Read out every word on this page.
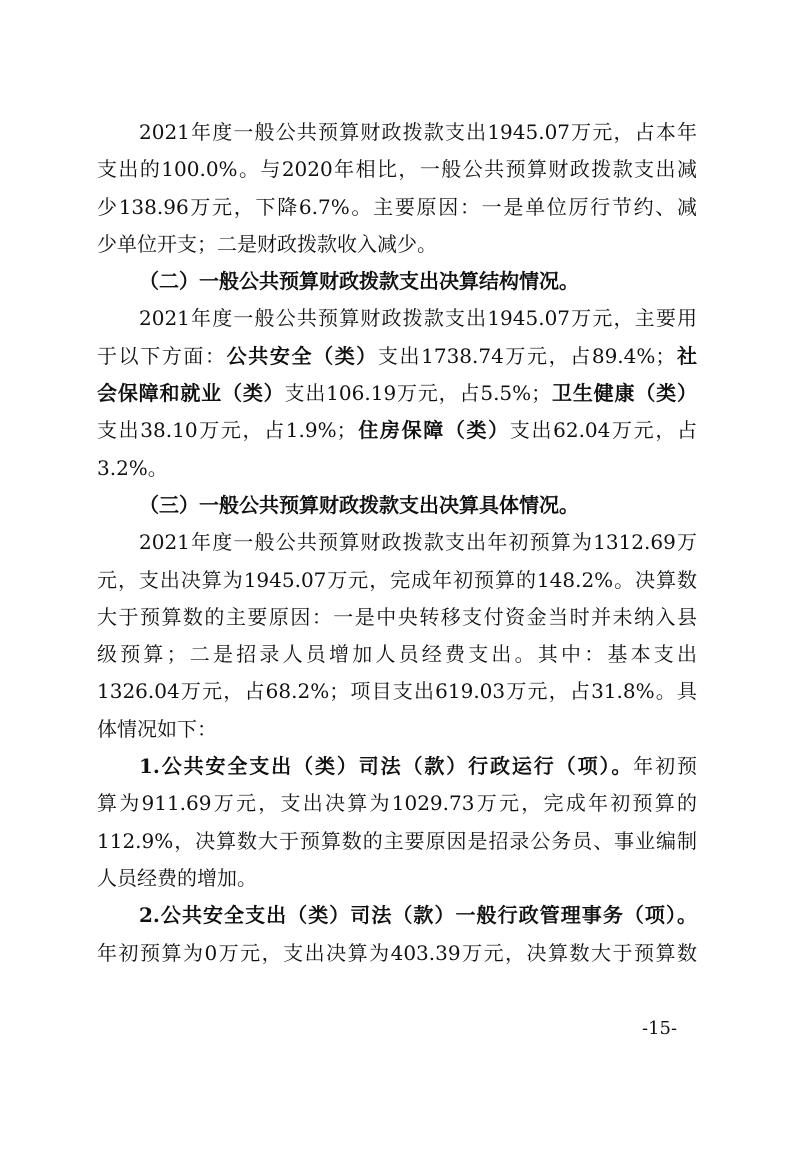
2021年度一般公共预算财政拨款支出1945.07万元，占本年
支出的100.0%。与2020年相比，一般公共预算财政拨款支出减
少138.96万元，下降6.7%。主要原因：一是单位厉行节约、减
少单位开支；二是财政拨款收入减少。
（二）一般公共预算财政拨款支出决算结构情况。
2021年度一般公共预算财政拨款支出1945.07万元，主要用
于以下方面：公共安全（类）支出1738.74万元，占89.4%；社
会保障和就业（类）支出106.19万元，占5.5%；卫生健康（类）
支出38.10万元，占1.9%；住房保障（类）支出62.04万元，占
3.2%。
（三）一般公共预算财政拨款支出决算具体情况。
2021年度一般公共预算财政拨款支出年初预算为1312.69万
元，支出决算为1945.07万元，完成年初预算的148.2%。决算数
大于预算数的主要原因：一是中央转移支付资金当时并未纳入县
级预算；二是招录人员增加人员经费支出。其中：基本支出
1326.04万元，占68.2%；项目支出619.03万元，占31.8%。具
体情况如下：
1.公共安全支出（类）司法（款）行政运行（项）。年初预
算为911.69万元，支出决算为1029.73万元，完成年初预算的
112.9%，决算数大于预算数的主要原因是招录公务员、事业编制
人员经费的增加。
2.公共安全支出（类）司法（款）一般行政管理事务（项）。
年初预算为0万元，支出决算为403.39万元，决算数大于预算数
-15-
